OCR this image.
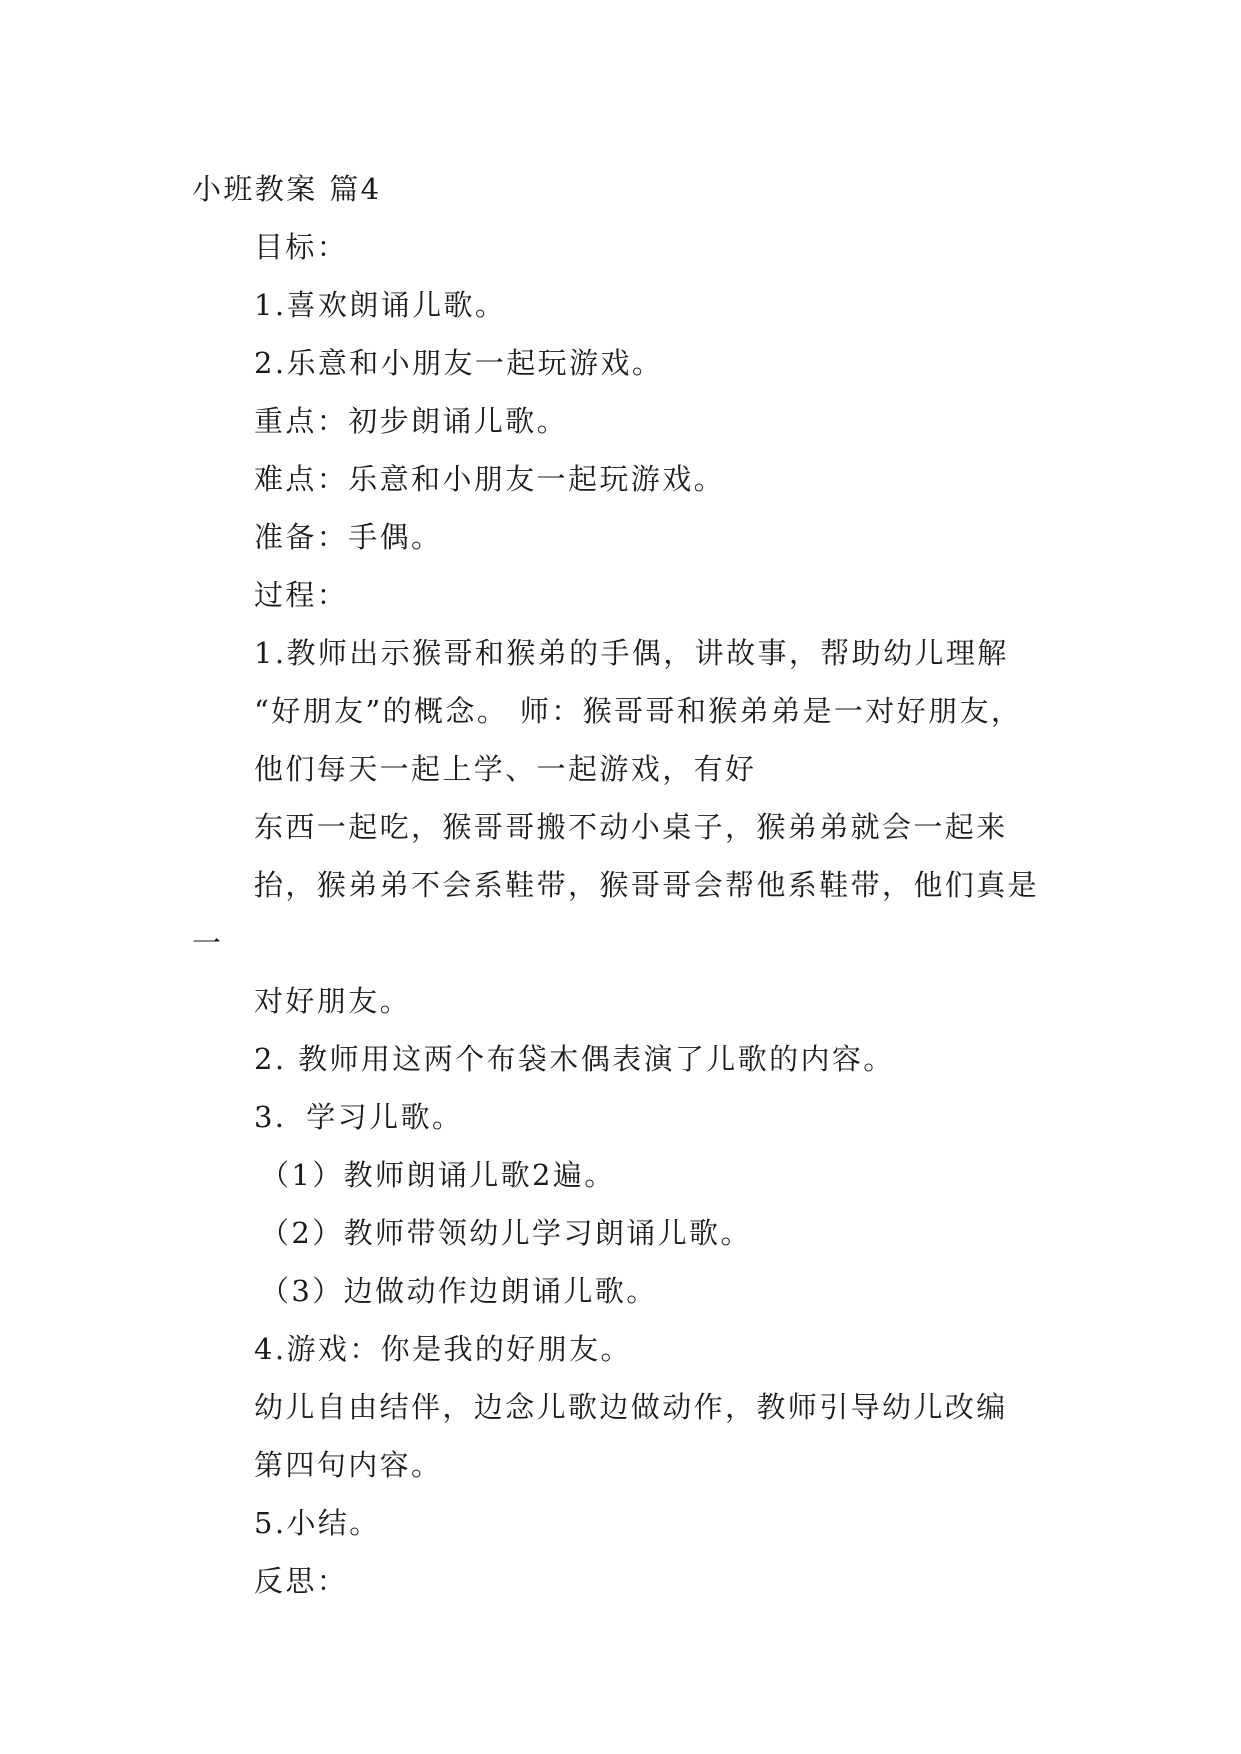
小班教案 篇4

目标：

1.喜欢朗诵儿歌。

2.乐意和小朋友一起玩游戏。

重点：初步朗诵儿歌。

难点：乐意和小朋友一起玩游戏。

准备：手偶。

过程：

1.教师出示猴哥和猴弟的手偶，讲故事，帮助幼儿理解
“好朋友”的概念。 师：猴哥哥和猴弟弟是一对好朋友，
他们每天一起上学、一起游戏，有好

东西一起吃，猴哥哥搬不动小桌子，猴弟弟就会一起来
抬，猴弟弟不会系鞋带，猴哥哥会帮他系鞋带，他们真是一
对好朋友。

2. 教师用这两个布袋木偶表演了儿歌的内容。

3．学习儿歌。

（1）教师朗诵儿歌2遍。

（2）教师带领幼儿学习朗诵儿歌。

（3）边做动作边朗诵儿歌。

4.游戏：你是我的好朋友。

幼儿自由结伴，边念儿歌边做动作，教师引导幼儿改编
第四句内容。

5.小结。

反思：
